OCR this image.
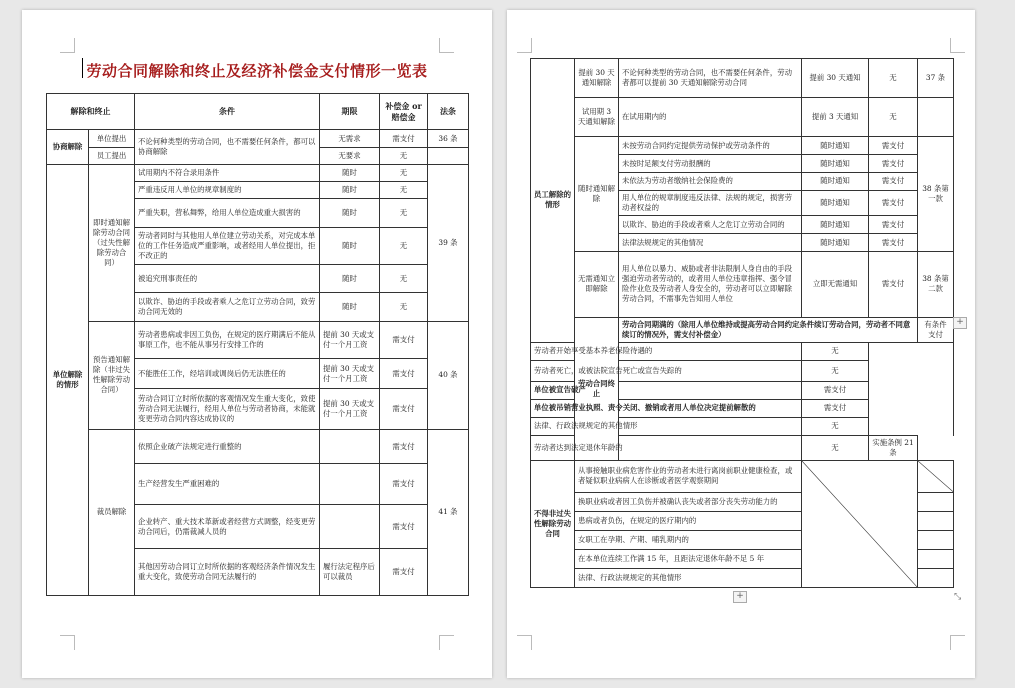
劳动合同解除和终止及经济补偿金支付情形一览表
解除和终止		条件	期限	补偿金 or 赔偿金	法条
协商解除	单位提出	不论何种类型的劳动合同，也不需要任何条件，都可以协商解除	无需求	需支付	36 条
	员工提出		无要求	无	
单位解除的情形	即时通知解除劳动合同（过失性解除劳动合同）	试用期内不符合录用条件	随时	无	39 条
		严重违反用人单位的规章制度的	随时	无	
		严重失职，营私舞弊，给用人单位造成重大损害的	随时	无	
		劳动者同时与其他用人单位建立劳动关系，对完成本单位的工作任务造成严重影响，或者经用人单位提出，拒不改正的	随时	无	
		被追究刑事责任的	随时	无	
		以欺诈、胁迫的手段或者乘人之危订立劳动合同，致劳动合同无效的	随时	无	
	预告通知解除（非过失性解除劳动合同）	劳动者患病或非因工负伤，在规定的医疗期满后不能从事原工作，也不能从事另行安排工作的	提前 30 天或支付一个月工资	需支付	40 条
		不能胜任工作，经培训或调岗后仍无法胜任的	提前 30 天或支付一个月工资	需支付	
		劳动合同订立时所依据的客观情况发生重大变化，致使劳动合同无法履行，经用人单位与劳动者协商，未能就变更劳动合同内容达成协议的	提前 30 天或支付一个月工资	需支付	
	裁员解除	依照企业破产法规定进行重整的		需支付	41 条
		生产经营发生严重困难的		需支付	
		企业转产、重大技术革新或者经营方式调整，经变更劳动合同后，仍需裁减人员的		需支付	
		其他因劳动合同订立时所依据的客观经济条件情况发生重大变化，致使劳动合同无法履行的	履行法定程序后可以裁员	需支付	
员工解除的情形	提前 30 天通知解除	不论何种类型的劳动合同，也不需要任何条件，劳动者都可以提前 30 天通知解除劳动合同	提前 30 天通知	无	37 条	
	试用期 3 天通知解除	在试用期内的	提前 3 天通知	无		
	随时通知解除	未按劳动合同约定提供劳动保护或劳动条件的	随时通知	需支付	38 条第一款	
		未按时足额支付劳动报酬的	随时通知	需支付		
		未依法为劳动者缴纳社会保险费的	随时通知	需支付		
		用人单位的规章制度违反法律、法规的规定，损害劳动者权益的	随时通知	需支付		
		以欺诈、胁迫的手段或者乘人之危订立劳动合同的	随时通知	需支付		
		法律法规规定的其他情况	随时通知	需支付		
	无需通知立即解除	用人单位以暴力、威胁或者非法限制人身自由的手段强迫劳动者劳动的，或者用人单位违章指挥、强令冒险作业危及劳动者人身安全的，劳动者可以立即解除劳动合同，不需事先告知用人单位	立即无需通知	需支付	38 条第二款	
	劳动合同终止	劳动合同期满的（除用人单位维持或提高劳动合同约定条件续订劳动合同，劳动者不同意续订的情况外，需支付补偿金）			有条件支付	
劳动者开始享受基本养老保险待遇的			无			
劳动者死亡，或被法院宣告死亡或宣告失踪的			无			
单位被宣告破产			需支付			
单位被吊销营业执照、责令关闭、撤销或者用人单位决定提前解散的			需支付			
法律、行政法规规定的其他情形			无			
劳动者达到法定退休年龄的			无	实施条例 21 条		
不得非过失性解除劳动合同	从事接触职业病危害作业的劳动者未进行离岗前职业健康检查，或者疑似职业病病人在诊断或者医学观察期间	

	换职业病或者因工负伤并被确认丧失或者部分丧失劳动能力的					
	患病或者负伤，在规定的医疗期内的					
	女职工在孕期、产期、哺乳期内的					
	在本单位连续工作满 15 年，且距法定退休年龄不足 5 年					
	法律、行政法规规定的其他情形					
+
+	⤡
